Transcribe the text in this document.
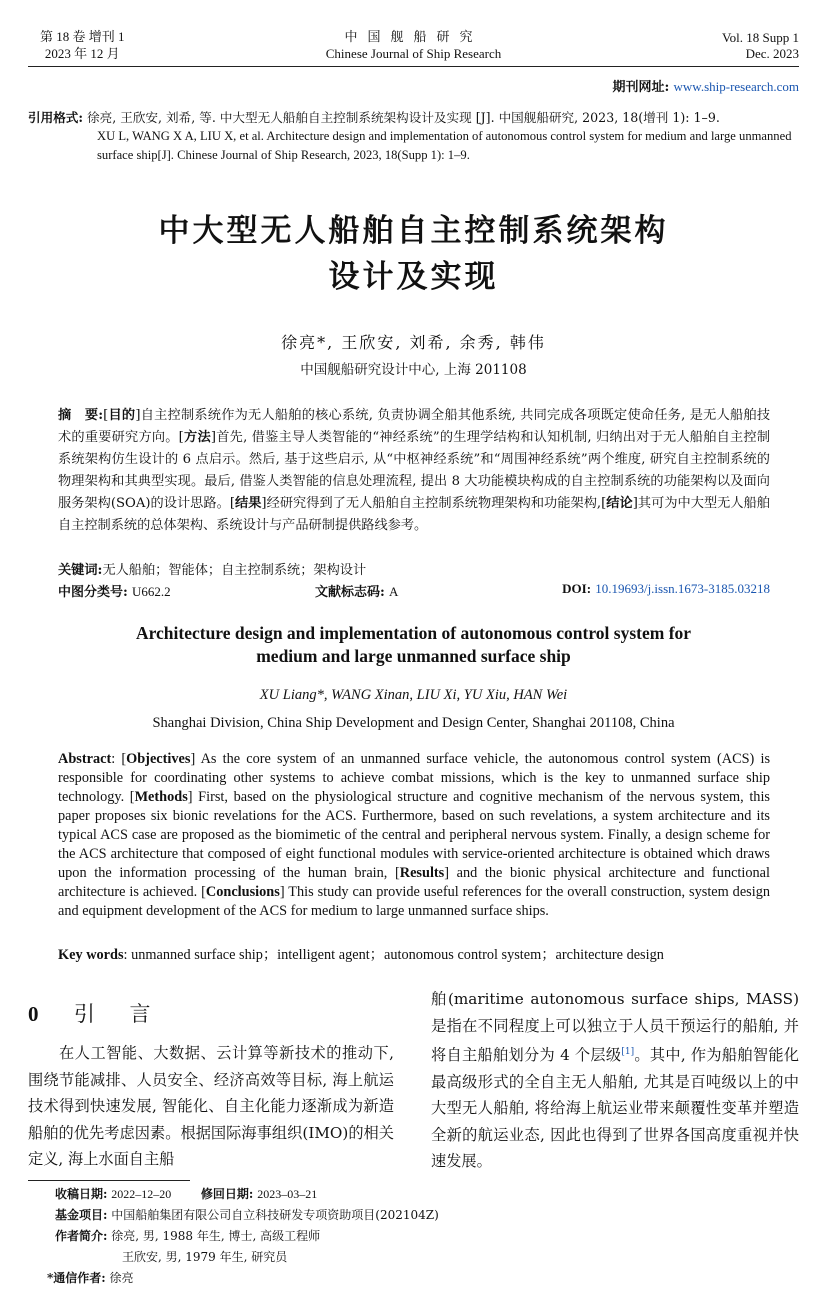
第 18 卷 增刊 1
2023 年 12 月
中国舰船研究
Chinese Journal of Ship Research
Vol. 18 Supp 1
Dec. 2023
期刊网址: www.ship-research.com
引用格式: 徐亮, 王欣安, 刘希, 等. 中大型无人船舶自主控制系统架构设计及实现 [J]. 中国舰船研究, 2023, 18(增刊 1): 1–9.
XU L, WANG X A, LIU X, et al. Architecture design and implementation of autonomous control system for medium and large unmanned surface ship[J]. Chinese Journal of Ship Research, 2023, 18(Supp 1): 1–9.
中大型无人船舶自主控制系统架构
设计及实现
徐亮*, 王欣安, 刘希, 余秀, 韩伟
中国舰船研究设计中心, 上海 201108
摘　要:[目的]自主控制系统作为无人船舶的核心系统, 负责协调全船其他系统, 共同完成各项既定使命任务, 是无人船舶技术的重要研究方向。[方法]首先, 借鉴主导人类智能的“神经系统”的生理学结构和认知机制, 归纳出对于无人船舶自主控制系统架构仿生设计的 6 点启示。然后, 基于这些启示, 从“中枢神经系统”和“周围神经系统”两个维度, 研究自主控制系统的物理架构和其典型实现。最后, 借鉴人类智能的信息处理流程, 提出 8 大功能模块构成的自主控制系统的功能架构以及面向服务架构(SOA)的设计思路。[结果]经研究得到了无人船舶自主控制系统物理架构和功能架构,[结论]其可为中大型无人船舶自主控制系统的总体架构、系统设计与产品研制提供路线参考。
关键词:无人船舶；智能体；自主控制系统；架构设计
中图分类号: U662.2	文献标志码: A	DOI: 10.19693/j.issn.1673-3185.03218
Architecture design and implementation of autonomous control system for
medium and large unmanned surface ship
XU Liang*, WANG Xinan, LIU Xi, YU Xiu, HAN Wei
Shanghai Division, China Ship Development and Design Center, Shanghai 201108, China
Abstract: [Objectives] As the core system of an unmanned surface vehicle, the autonomous control system (ACS) is responsible for coordinating other systems to achieve combat missions, which is the key to unmanned surface ship technology. [Methods] First, based on the physiological structure and cognitive mechanism of the nervous system, this paper proposes six bionic revelations for the ACS. Furthermore, based on such revelations, a system architecture and its typical ACS case are proposed as the biomimetic of the central and peripheral nervous system. Finally, a design scheme for the ACS architecture that composed of eight functional modules with service-oriented architecture is obtained which draws upon the information processing of the human brain, [Results] and the bionic physical architecture and functional architecture is achieved. [Conclusions] This study can provide useful references for the overall construction, system design and equipment development of the ACS for medium to large unmanned surface ships.
Key words: unmanned surface ship；intelligent agent；autonomous control system；architecture design
0 引 言
在人工智能、大数据、云计算等新技术的推动下, 围绕节能减排、人员安全、经济高效等目标, 海上航运技术得到快速发展, 智能化、自主化能力逐渐成为新造船舶的优先考虑因素。根据国际海事组织(IMO)的相关定义, 海上水面自主船
舶(maritime autonomous surface ships, MASS)是指在不同程度上可以独立于人员干预运行的船舶, 并将自主船舶划分为 4 个层级[1]。其中, 作为船舶智能化最高级形式的全自主无人船舶, 尤其是百吨级以上的中大型无人船舶, 将给海上航运业带来颠覆性变革并塑造全新的航运业态, 因此也得到了世界各国高度重视并快速发展。
收稿日期: 2022–12–20 修回日期: 2023–03–21
基金项目: 中国船舶集团有限公司自立科技研发专项资助项目(202104Z)
作者简介: 徐亮, 男, 1988 年生, 博士, 高级工程师
王欣安, 男, 1979 年生, 研究员
*通信作者: 徐亮
